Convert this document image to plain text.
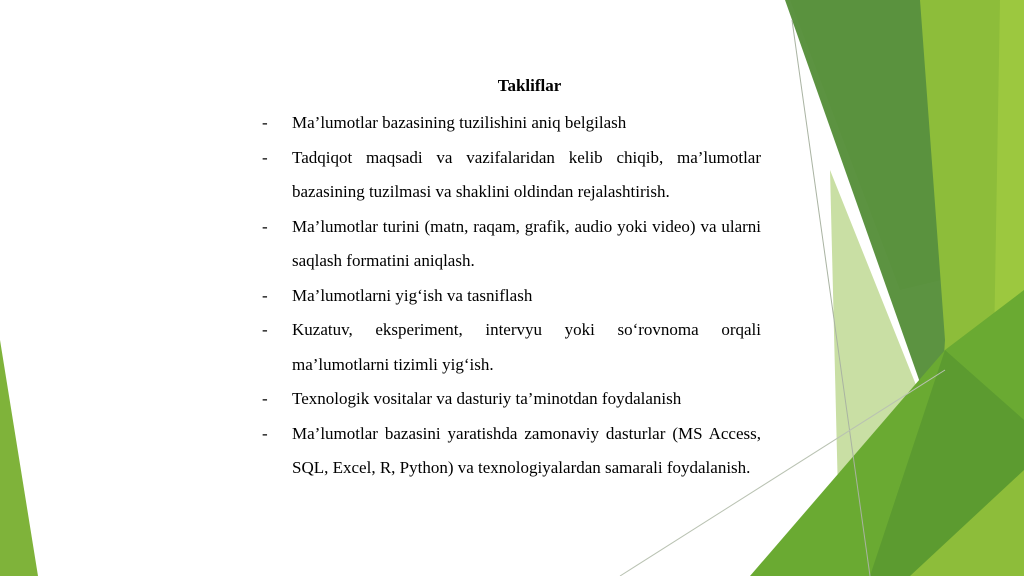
Takliflar
- Ma’lumotlar bazasining tuzilishini aniq belgilash
- Tadqiqot maqsadi va vazifalaridan kelib chiqib, ma’lumotlar bazasining tuzilmasi va shaklini oldindan rejalashtirish.
- Ma’lumotlar turini (matn, raqam, grafik, audio yoki video) va ularni saqlash formatini aniqlash.
- Ma’lumotlarni yig‘ish va tasniflash
- Kuzatuv, eksperiment, intervyu yoki so‘rovnoma orqali ma’lumotlarni tizimli yig‘ish.
- Texnologik vositalar va dasturiy ta’minotdan foydalanish
- Ma’lumotlar bazasini yaratishda zamonaviy dasturlar (MS Access, SQL, Excel, R, Python) va texnologiyalardan samarali foydalanish.
